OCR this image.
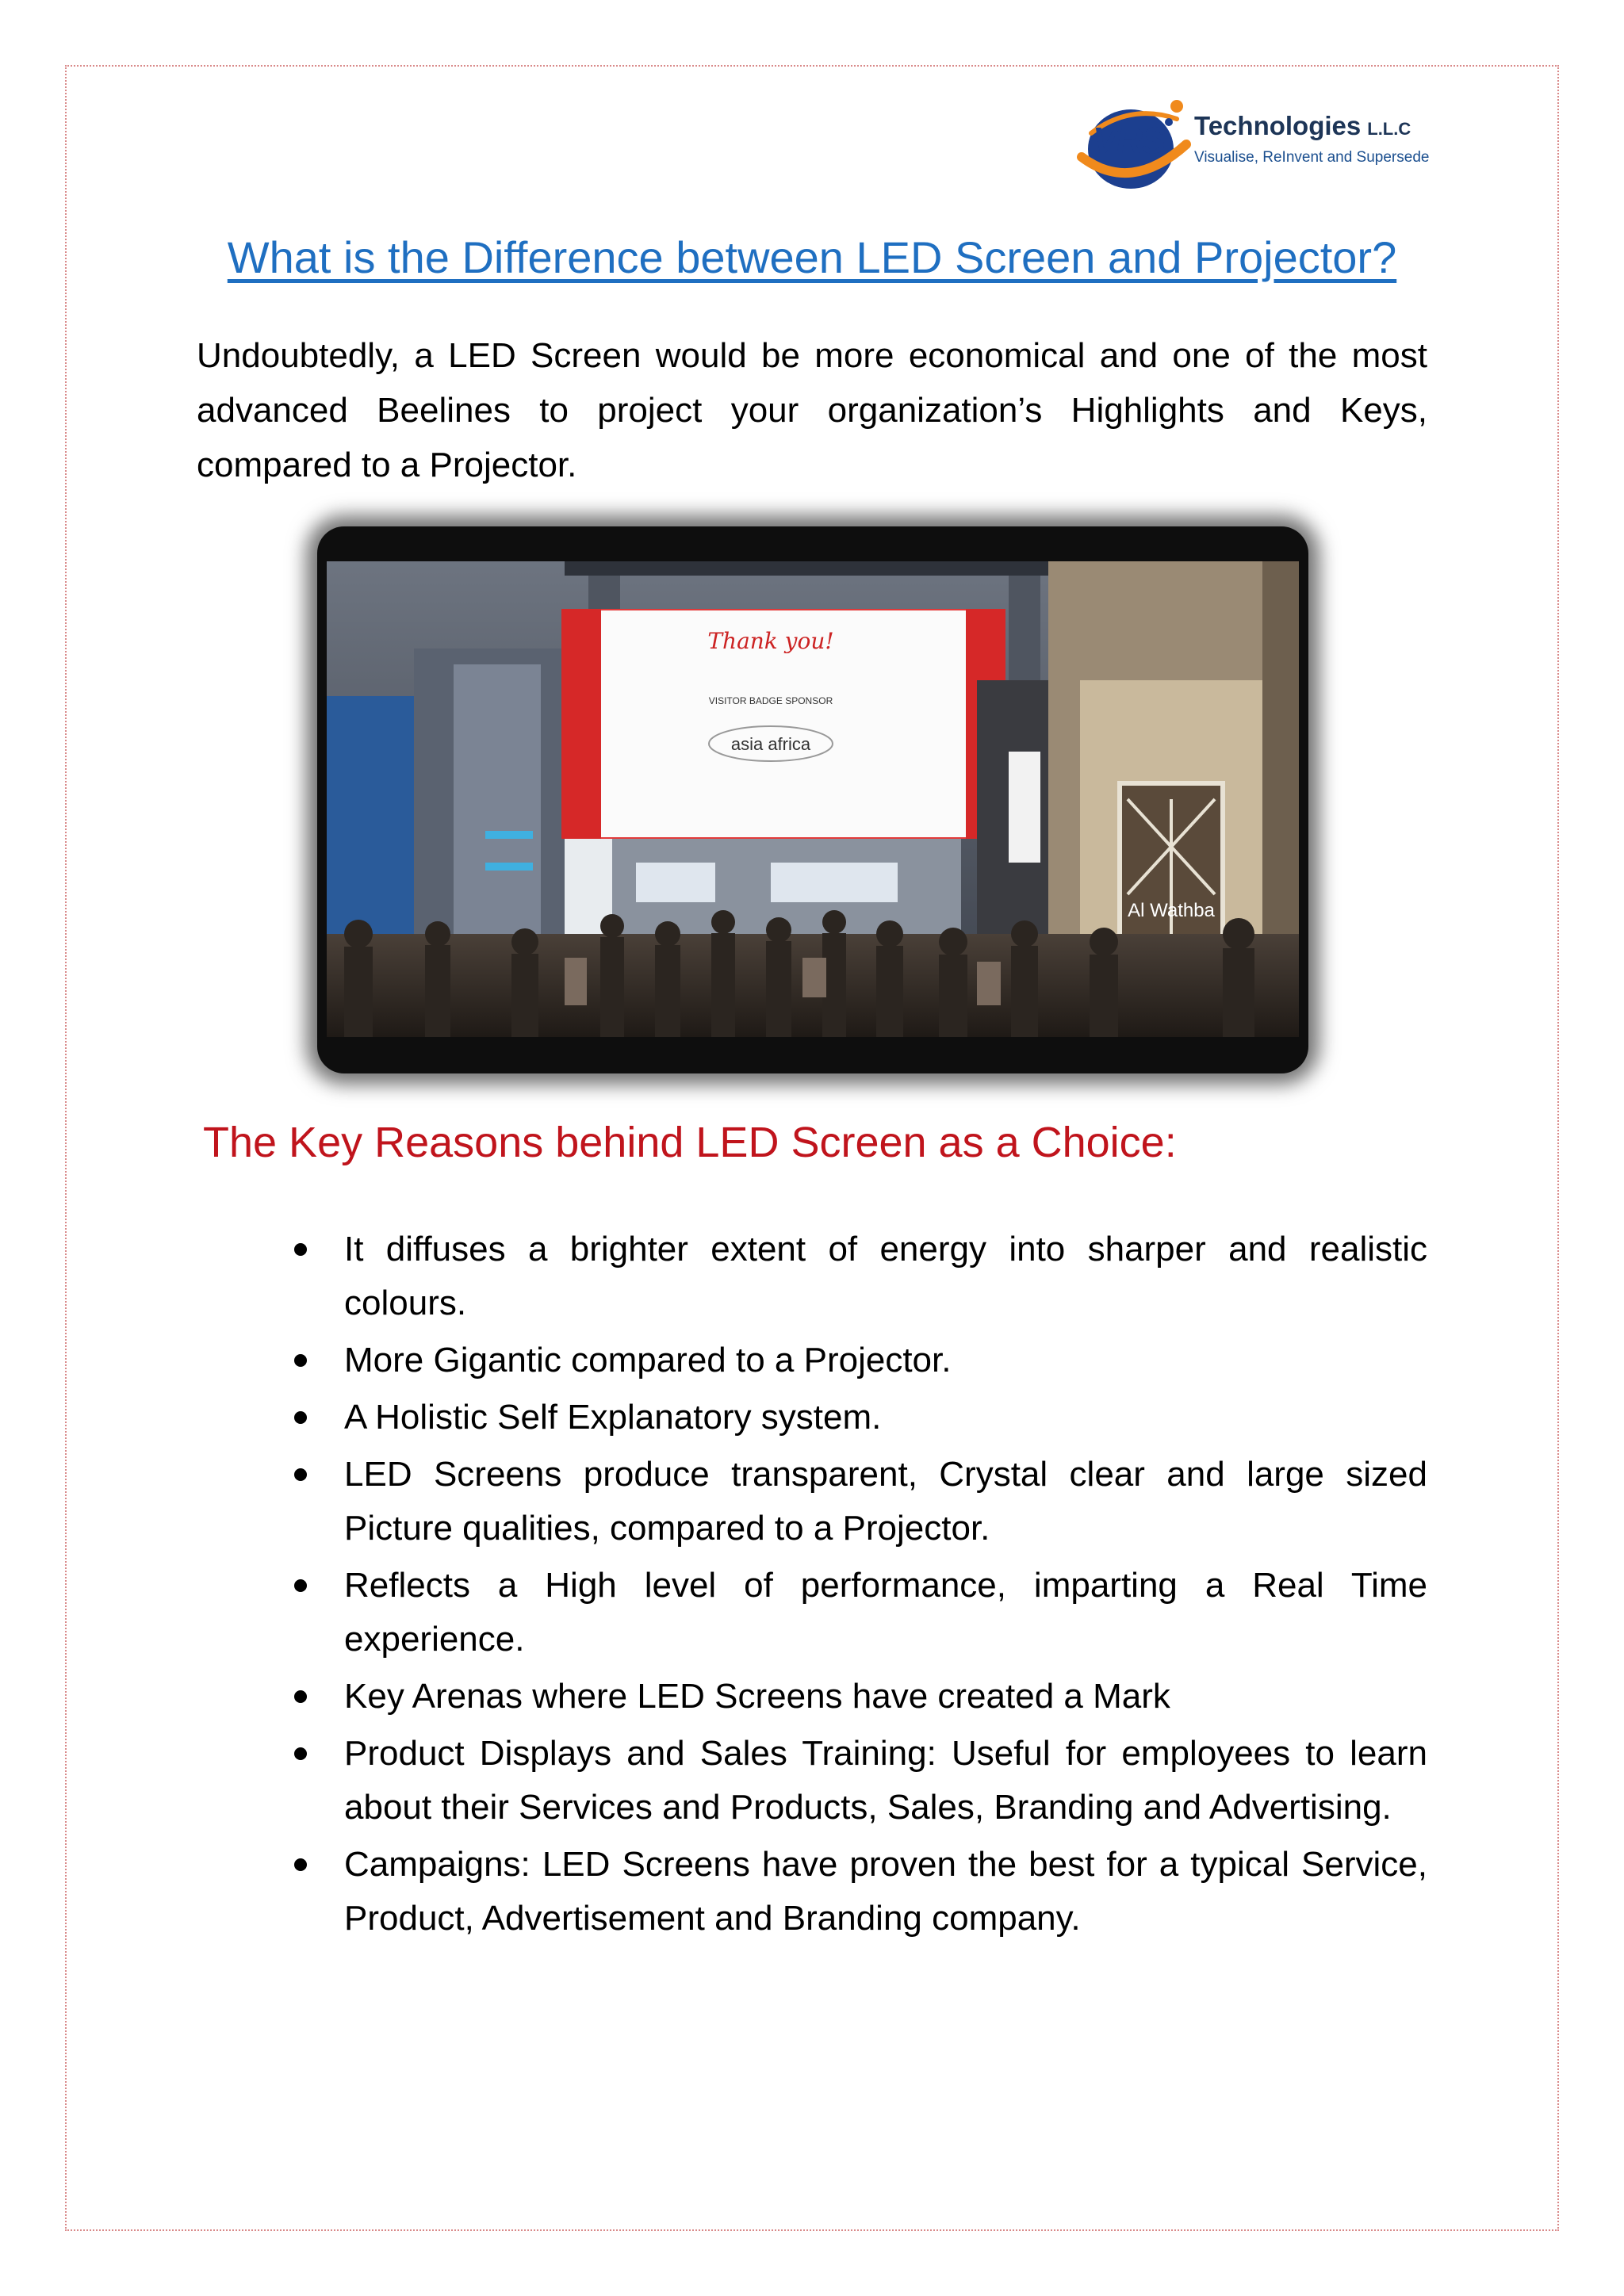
VRS Technologies L.L.C
Visualise, ReInvent and Supersede
What is the Difference between LED Screen and Projector?

Undoubtedly, a LED Screen would be more economical and one of the most advanced Beelines to project your organization’s Highlights and Keys, compared to a Projector.

Thank you!
VISITOR BADGE SPONSOR
asia africa
Al Wathba
The Key Reasons behind LED Screen as a Choice:
It diffuses a brighter extent of energy into sharper and realistic colours.
More Gigantic compared to a Projector.
A Holistic Self Explanatory system.
LED Screens produce transparent, Crystal clear and large sized Picture qualities, compared to a Projector.
Reflects a High level of performance, imparting a Real Time experience.
Key Arenas where LED Screens have created a Mark
Product Displays and Sales Training: Useful for employees to learn about their Services and Products, Sales, Branding and Advertising.
Campaigns: LED Screens have proven the best for a typical Service, Product, Advertisement and Branding company.
